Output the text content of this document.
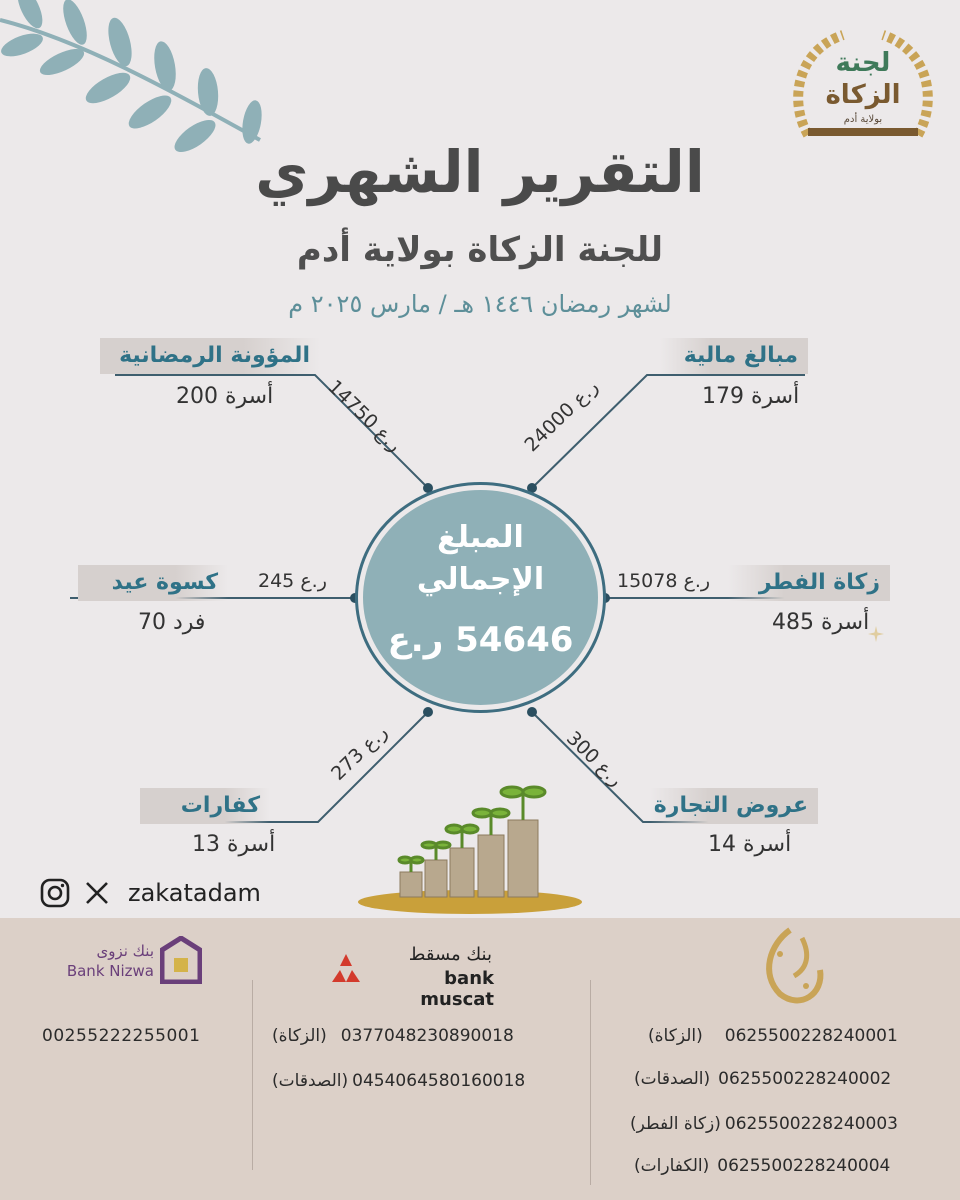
لجنة
الزكاة
بولاية أدم
التقرير الشهري
للجنة الزكاة بولاية أدم
لشهر رمضان ١٤٤٦ هـ / مارس ٢٠٢٥ م
المبلغ
الإجمالي
54646 ر.ع
مبالغ مالية
أسرة 179
24000 ر.ع
المؤونة الرمضانية
أسرة 200	14750 ر.ع
زكاة الفطر
أسرة 485
15078 ر.ع
كسوة عيد
فرد 70
245 ر.ع
عروض التجارة
أسرة 14
300 ر.ع
كفارات
أسرة 13
273 ر.ع
zakatadam
بنك نزوى
Bank Nizwa
00255222255001
بنك مسقط
bank muscat
(الزكاة) 0377048230890018
(الصدقات) 0454064580160018
(الزكاة) 0625500228240001
(الصدقات) 0625500228240002
(زكاة الفطر) 0625500228240003
(الكفارات) 0625500228240004
